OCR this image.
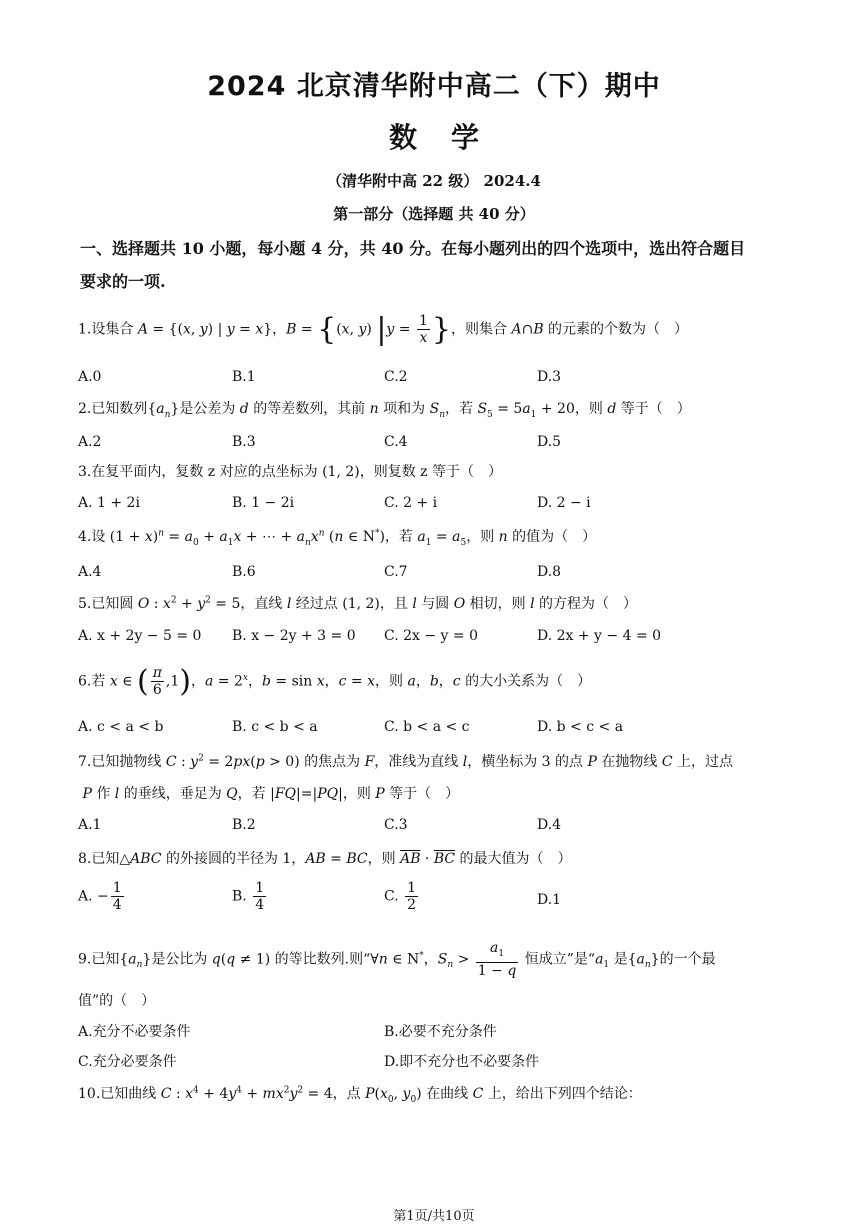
2024 北京清华附中高二（下）期中
数学
（清华附中高 22 级） 2024.4
第一部分（选择题 共 40 分）
一、选择题共 10 小题，每小题 4 分，共 40 分。在每小题列出的四个选项中，选出符合题目
要求的一项.
1.设集合 A = {(x, y) | y = x}，B = {(x, y) $|y = \frac{1}{x}$ }，则集合 A∩B 的元素的个数为（　）
A.0	B.1	C.2	D.3
2.已知数列$\{a_n\}$是公差为 d 的等差数列，其前 n 项和为 $S_n$，若 $S_5 = 5a_1 + 20$，则 d 等于（　）
A.2	B.3	C.4	D.5
3.在复平面内，复数 z 对应的点坐标为 (1, 2)，则复数 z 等于（　）
A. 1 + 2i	B. 1 − 2i	C. 2 + i	D. 2 − i
4.设 $(1 + x)^n = a_0 + a_1x$ + ⋯ + $a_nx^n$ (n ∈ N*)，若 $a_1 = a_5$，则 n 的值为（　）
A.4	B.6	C.7	D.8
5.已知圆 O : $x^2 + y^2 = 5$，直线 l 经过点 (1, 2)，且 l 与圆 O 相切，则 l 的方程为（　）
A. x + 2y − 5 = 0 B. x − 2y + 3 = 0 C. 2x − y = 0	D. 2x + y − 4 = 0
6.若 x ∈ ( $\frac{\pi}{6} ,1$)，$a = 2^x$，b = sin x，c = x，则 a，b，c 的大小关系为（　）
A. c < a < b	B. c < b < a	C. b < a < c	D. b < c < a
7.已知抛物线 C : $y^2 = 2px(p > 0)$ 的焦点为 F，准线为直线 l，横坐标为 3 的点 P 在抛物线 C 上，过点
P 作 l 的垂线，垂足为 Q，若 |FQ|=|PQ|，则 P 等于（　）
A.1	B.2	C.3	D.4
8.已知△ABC 的外接圆的半径为 1，AB = BC，则 $\overline{AB} \cdot \overline{BC}$ 的最大值为（　）
A. − $\frac{1}{4}$	B. $\frac{1}{4}$	C. $\frac{1}{2}$	D.1
9.已知$\{a_n\}$是公比为 q(q ≠ 1) 的等比数列.则“∀n ∈ N*，$S_n > \frac{a_1}{1 - q}$ 恒成立”是“$a_1$ 是$\{a_n\}$的一个最
值”的（　）
A.充分不必要条件	B.必要不充分条件
C.充分必要条件	D.即不充分也不必要条件
10.已知曲线 C : $x^4 + 4y^4 + mx^2y^2 = 4$，点 $P(x_0$, $y_0$) 在曲线 C 上，给出下列四个结论：
第1页/共10页
